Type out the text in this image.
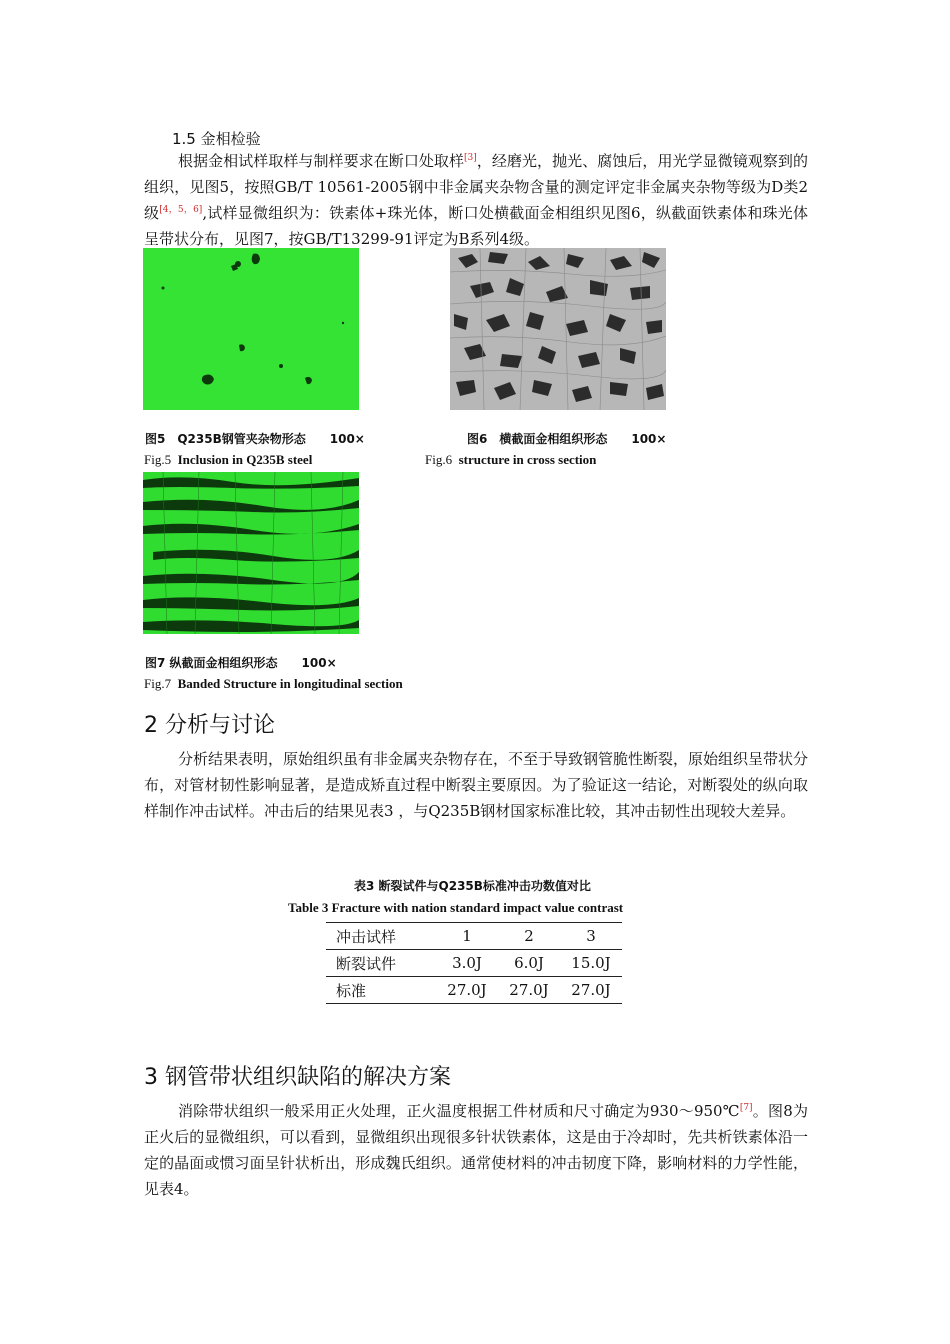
1.5 金相检验

根据金相试样取样与制样要求在断口处取样[3]，经磨光，抛光、腐蚀后，用光学显微镜观察到的组织，见图5，按照GB/T 10561-2005钢中非金属夹杂物含量的测定评定非金属夹杂物等级为D类2级[4，5，6],试样显微组织为：铁素体+珠光体，断口处横截面金相组织见图6，纵截面铁素体和珠光体呈带状分布，见图7，按GB/T13299-91评定为B系列4级。

图5　Q235B钢管夹杂物形态　　100×
Fig.5 Inclusion in Q235B steel
图6　横截面金相组织形态　　100×
Fig.6 structure in cross section
图7 纵截面金相组织形态　　100×
Fig.7 Banded Structure in longitudinal section
2 分析与讨论

分析结果表明，原始组织虽有非金属夹杂物存在，不至于导致钢管脆性断裂，原始组织呈带状分布，对管材韧性影响显著，是造成矫直过程中断裂主要原因。为了验证这一结论，对断裂处的纵向取样制作冲击试样。冲击后的结果见表3 ，与Q235B钢材国家标准比较，其冲击韧性出现较大差异。

表3 断裂试件与Q235B标准冲击功数值对比
Table 3 Fracture with nation standard impact value contrast
冲击试样	1	2	3
断裂试件	3.0J	6.0J	15.0J
标准	27.0J	27.0J	27.0J
3 钢管带状组织缺陷的解决方案

消除带状组织一般采用正火处理，正火温度根据工件材质和尺寸确定为930～950℃[7]。图8为正火后的显微组织，可以看到，显微组织出现很多针状铁素体，这是由于冷却时，先共析铁素体沿一定的晶面或惯习面呈针状析出，形成魏氏组织。通常使材料的冲击韧度下降，影响材料的力学性能，见表4。
